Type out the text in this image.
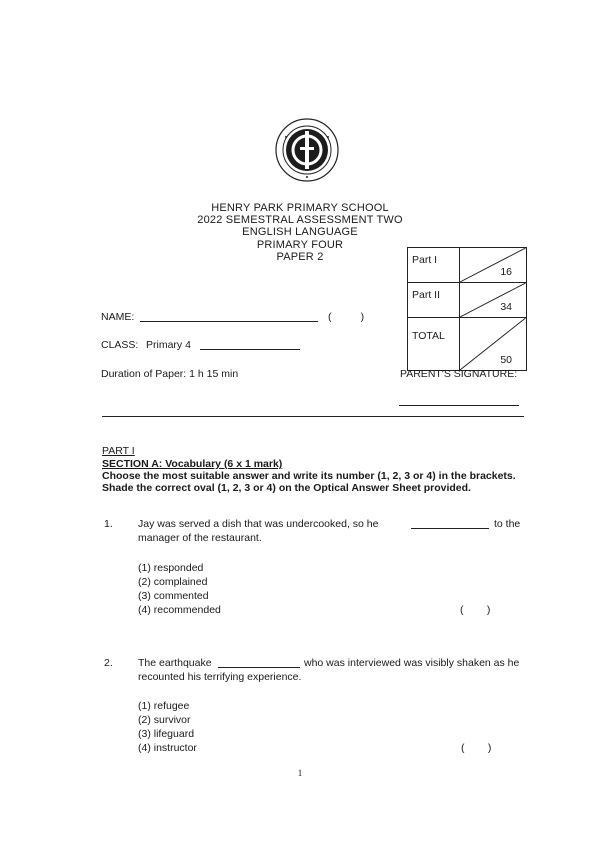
HENRY PARK PRIMARY SCHOOL
2022 SEMESTRAL ASSESSMENT TWO
ENGLISH LANGUAGE
PRIMARY FOUR
PAPER 2	Part I	16

Part II	34

TOTAL	50
NAME:	(          )
CLASS: Primary 4
Duration of Paper: 1 h 15 min	PARENT'S SIGNATURE:
PART I
SECTION A: Vocabulary (6 x 1 mark)
Choose the most suitable answer and write its number (1, 2, 3 or 4) in the brackets.
Shade the correct oval (1, 2, 3 or 4) on the Optical Answer Sheet provided.
1. Jay was served a dish that was undercooked, so he	to the
manager of the restaurant.
(1) responded
(2) complained
(3) commented
(4) recommended	(        )
2. The earthquake	who was interviewed was visibly shaken as he
recounted his terrifying experience.
(1) refugee
(2) survivor
(3) lifeguard
(4) instructor	(        )
1
